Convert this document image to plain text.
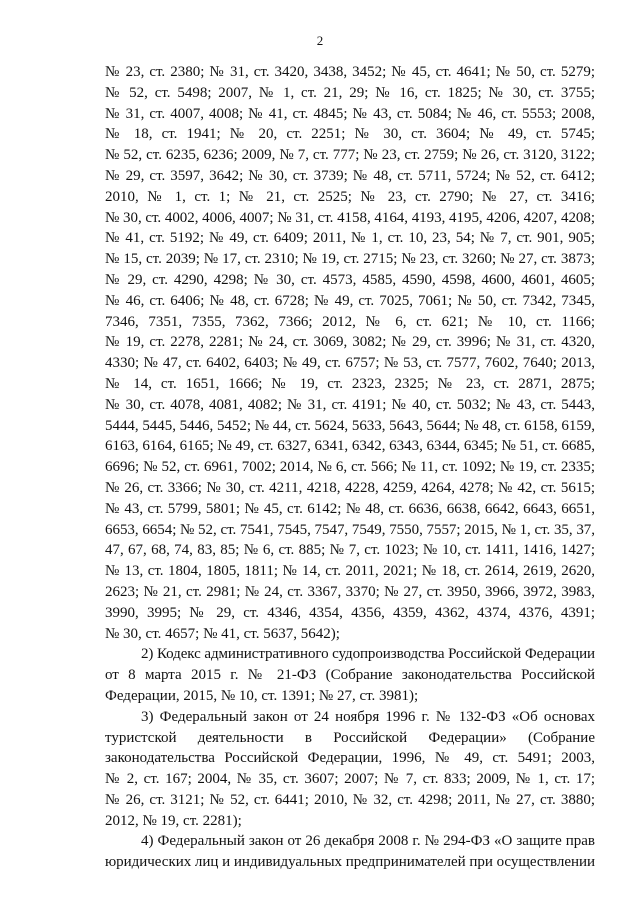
2
№ 23, ст. 2380; № 31, ст. 3420, 3438, 3452; № 45, ст. 4641; № 50, ст. 5279;
№ 52, ст. 5498; 2007, № 1, ст. 21, 29; № 16, ст. 1825; № 30, ст. 3755;
№ 31, ст. 4007, 4008; № 41, ст. 4845; № 43, ст. 5084; № 46, ст. 5553; 2008,
№ 18, ст. 1941; № 20, ст. 2251; № 30, ст. 3604; № 49, ст. 5745;
№ 52, ст. 6235, 6236; 2009, № 7, ст. 777; № 23, ст. 2759; № 26, ст. 3120, 3122;
№ 29, ст. 3597, 3642; № 30, ст. 3739; № 48, ст. 5711, 5724; № 52, ст. 6412;
2010, № 1, ст. 1; № 21, ст. 2525; № 23, ст. 2790; № 27, ст. 3416;
№ 30, ст. 4002, 4006, 4007; № 31, ст. 4158, 4164, 4193, 4195, 4206, 4207, 4208;
№ 41, ст. 5192; № 49, ст. 6409; 2011, № 1, ст. 10, 23, 54; № 7, ст. 901, 905;
№ 15, ст. 2039; № 17, ст. 2310; № 19, ст. 2715; № 23, ст. 3260; № 27, ст. 3873;
№ 29, ст. 4290, 4298; № 30, ст. 4573, 4585, 4590, 4598, 4600, 4601, 4605;
№ 46, ст. 6406; № 48, ст. 6728; № 49, ст. 7025, 7061; № 50, ст. 7342, 7345,
7346, 7351, 7355, 7362, 7366; 2012, № 6, ст. 621; № 10, ст. 1166;
№ 19, ст. 2278, 2281; № 24, ст. 3069, 3082; № 29, ст. 3996; № 31, ст. 4320,
4330; № 47, ст. 6402, 6403; № 49, ст. 6757; № 53, ст. 7577, 7602, 7640; 2013,
№ 14, ст. 1651, 1666; № 19, ст. 2323, 2325; № 23, ст. 2871, 2875;
№ 30, ст. 4078, 4081, 4082; № 31, ст. 4191; № 40, ст. 5032; № 43, ст. 5443,
5444, 5445, 5446, 5452; № 44, ст. 5624, 5633, 5643, 5644; № 48, ст. 6158, 6159,
6163, 6164, 6165; № 49, ст. 6327, 6341, 6342, 6343, 6344, 6345; № 51, ст. 6685,
6696; № 52, ст. 6961, 7002; 2014, № 6, ст. 566; № 11, ст. 1092; № 19, ст. 2335;
№ 26, ст. 3366; № 30, ст. 4211, 4218, 4228, 4259, 4264, 4278; № 42, ст. 5615;
№ 43, ст. 5799, 5801; № 45, ст. 6142; № 48, ст. 6636, 6638, 6642, 6643, 6651,
6653, 6654; № 52, ст. 7541, 7545, 7547, 7549, 7550, 7557; 2015, № 1, ст. 35, 37,
47, 67, 68, 74, 83, 85; № 6, ст. 885; № 7, ст. 1023; № 10, ст. 1411, 1416, 1427;
№ 13, ст. 1804, 1805, 1811; № 14, ст. 2011, 2021; № 18, ст. 2614, 2619, 2620,
2623; № 21, ст. 2981; № 24, ст. 3367, 3370; № 27, ст. 3950, 3966, 3972, 3983,
3990, 3995; № 29, ст. 4346, 4354, 4356, 4359, 4362, 4374, 4376, 4391;
№ 30, ст. 4657; № 41, ст. 5637, 5642);
2) Кодекс административного судопроизводства Российской Федерации
от 8 марта 2015 г. № 21-ФЗ (Собрание законодательства Российской
Федерации, 2015, № 10, ст. 1391; № 27, ст. 3981);
3) Федеральный закон от 24 ноября 1996 г. № 132-ФЗ «Об основах
туристской деятельности в Российской Федерации» (Собрание
законодательства Российской Федерации, 1996, № 49, ст. 5491; 2003,
№ 2, ст. 167; 2004, № 35, ст. 3607; 2007; № 7, ст. 833; 2009, № 1, ст. 17;
№ 26, ст. 3121; № 52, ст. 6441; 2010, № 32, ст. 4298; 2011, № 27, ст. 3880;
2012, № 19, ст. 2281);
4) Федеральный закон от 26 декабря 2008 г. № 294-ФЗ «О защите прав
юридических лиц и индивидуальных предпринимателей при осуществлении
